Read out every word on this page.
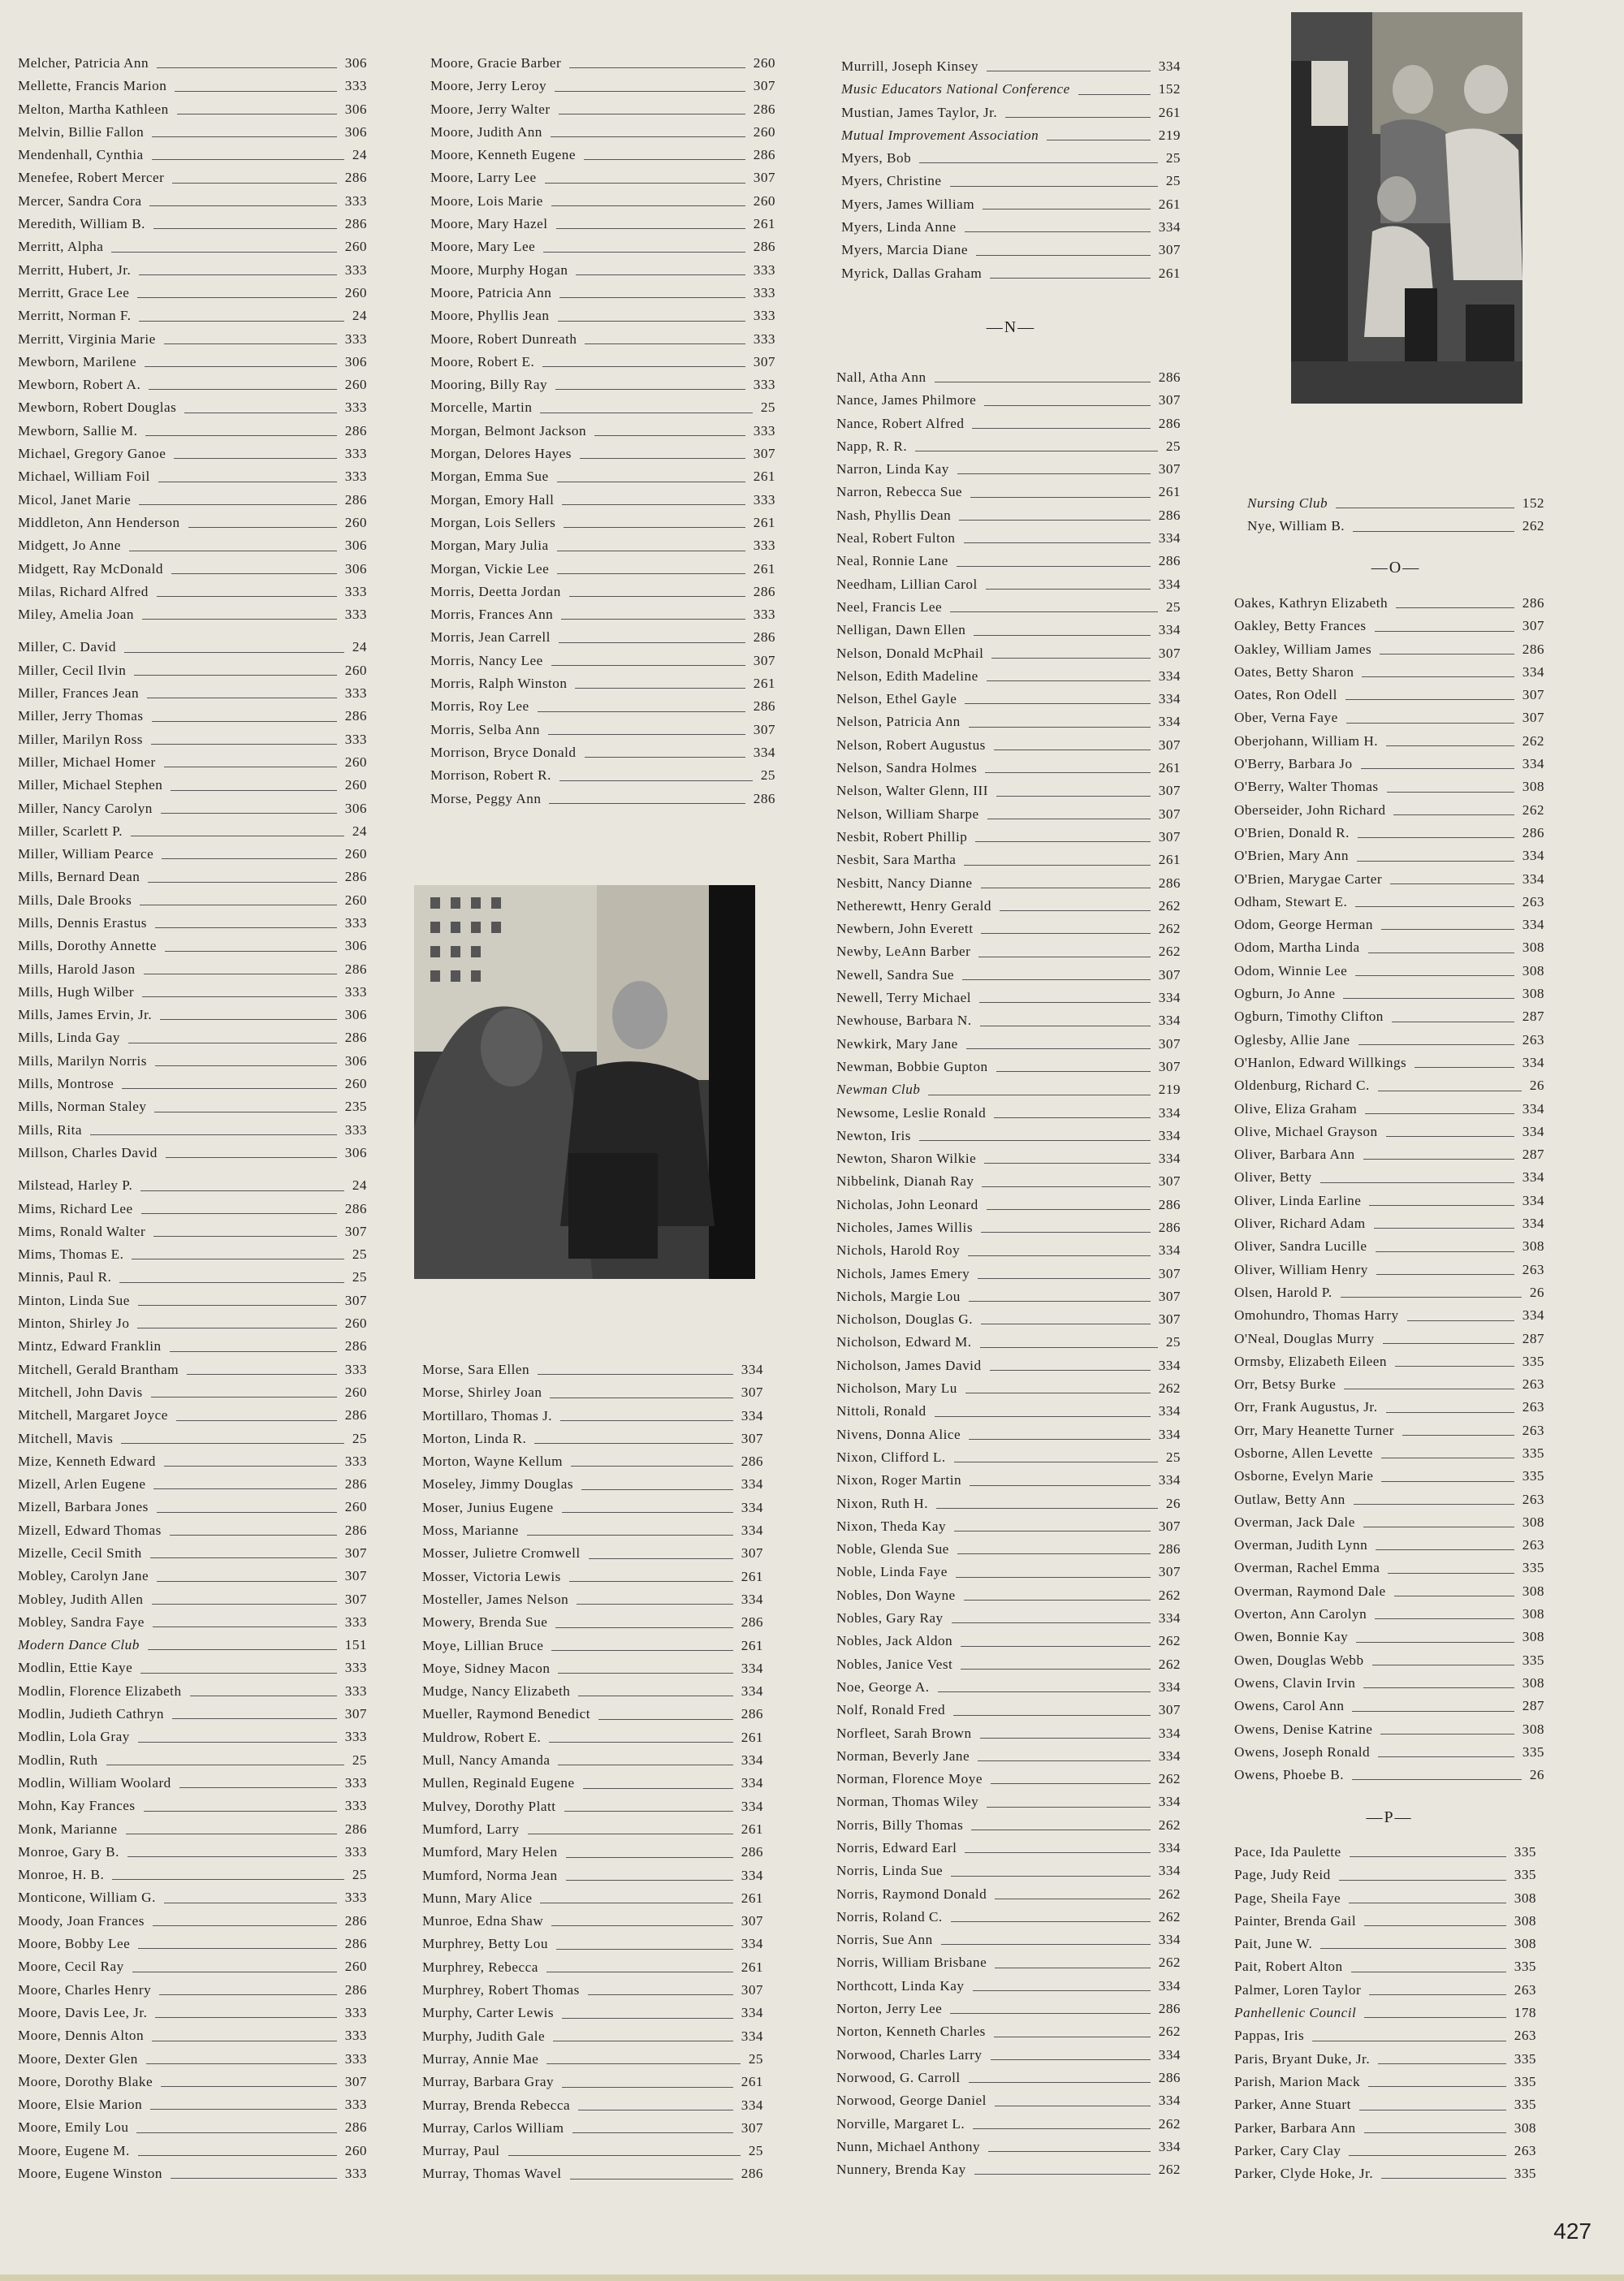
Melcher, Patricia Ann	306
Mellette, Francis Marion	333
Melton, Martha Kathleen	306
Melvin, Billie Fallon	306
Mendenhall, Cynthia	24
Menefee, Robert Mercer	286
Mercer, Sandra Cora	333
Meredith, William B.	286
Merritt, Alpha	260
Merritt, Hubert, Jr.	333
Merritt, Grace Lee	260
Merritt, Norman F.	24
Merritt, Virginia Marie	333
Mewborn, Marilene	306
Mewborn, Robert A.	260
Mewborn, Robert Douglas	333
Mewborn, Sallie M.	286
Michael, Gregory Ganoe	333
Michael, William Foil	333
Micol, Janet Marie	286
Middleton, Ann Henderson	260
Midgett, Jo Anne	306
Midgett, Ray McDonald	306
Milas, Richard Alfred	333
Miley, Amelia Joan	333
Miller, C. David	24
Miller, Cecil Ilvin	260
Miller, Frances Jean	333
Miller, Jerry Thomas	286
Miller, Marilyn Ross	333
Miller, Michael Homer	260
Miller, Michael Stephen	260
Miller, Nancy Carolyn	306
Miller, Scarlett P.	24
Miller, William Pearce	260
Mills, Bernard Dean	286
Mills, Dale Brooks	260
Mills, Dennis Erastus	333
Mills, Dorothy Annette	306
Mills, Harold Jason	286
Mills, Hugh Wilber	333
Mills, James Ervin, Jr.	306
Mills, Linda Gay	286
Mills, Marilyn Norris	306
Mills, Montrose	260
Mills, Norman Staley	235
Mills, Rita	333
Millson, Charles David	306
Milstead, Harley P.	24
Mims, Richard Lee	286
Mims, Ronald Walter	307
Mims, Thomas E.	25
Minnis, Paul R.	25
Minton, Linda Sue	307
Minton, Shirley Jo	260
Mintz, Edward Franklin	286
Mitchell, Gerald Brantham	333
Mitchell, John Davis	260
Mitchell, Margaret Joyce	286
Mitchell, Mavis	25
Mize, Kenneth Edward	333
Mizell, Arlen Eugene	286
Mizell, Barbara Jones	260
Mizell, Edward Thomas	286
Mizelle, Cecil Smith	307
Mobley, Carolyn Jane	307
Mobley, Judith Allen	307
Mobley, Sandra Faye	333
Modern Dance Club	151
Modlin, Ettie Kaye	333
Modlin, Florence Elizabeth	333
Modlin, Judieth Cathryn	307
Modlin, Lola Gray	333
Modlin, Ruth	25
Modlin, William Woolard	333
Mohn, Kay Frances	333
Monk, Marianne	286
Monroe, Gary B.	333
Monroe, H. B.	25
Monticone, William G.	333
Moody, Joan Frances	286
Moore, Bobby Lee	286
Moore, Cecil Ray	260
Moore, Charles Henry	286
Moore, Davis Lee, Jr.	333
Moore, Dennis Alton	333
Moore, Dexter Glen	333
Moore, Dorothy Blake	307
Moore, Elsie Marion	333
Moore, Emily Lou	286
Moore, Eugene M.	260
Moore, Eugene Winston	333
Moore, Gracie Barber	260
Moore, Jerry Leroy	307
Moore, Jerry Walter	286
Moore, Judith Ann	260
Moore, Kenneth Eugene	286
Moore, Larry Lee	307
Moore, Lois Marie	260
Moore, Mary Hazel	261
Moore, Mary Lee	286
Moore, Murphy Hogan	333
Moore, Patricia Ann	333
Moore, Phyllis Jean	333
Moore, Robert Dunreath	333
Moore, Robert E.	307
Mooring, Billy Ray	333
Morcelle, Martin	25
Morgan, Belmont Jackson	333
Morgan, Delores Hayes	307
Morgan, Emma Sue	261
Morgan, Emory Hall	333
Morgan, Lois Sellers	261
Morgan, Mary Julia	333
Morgan, Vickie Lee	261
Morris, Deetta Jordan	286
Morris, Frances Ann	333
Morris, Jean Carrell	286
Morris, Nancy Lee	307
Morris, Ralph Winston	261
Morris, Roy Lee	286
Morris, Selba Ann	307
Morrison, Bryce Donald	334
Morrison, Robert R.	25
Morse, Peggy Ann	286
Morse, Sara Ellen	334
Morse, Shirley Joan	307
Mortillaro, Thomas J.	334
Morton, Linda R.	307
Morton, Wayne Kellum	286
Moseley, Jimmy Douglas	334
Moser, Junius Eugene	334
Moss, Marianne	334
Mosser, Julietre Cromwell	307
Mosser, Victoria Lewis	261
Mosteller, James Nelson	334
Mowery, Brenda Sue	286
Moye, Lillian Bruce	261
Moye, Sidney Macon	334
Mudge, Nancy Elizabeth	334
Mueller, Raymond Benedict	286
Muldrow, Robert E.	261
Mull, Nancy Amanda	334
Mullen, Reginald Eugene	334
Mulvey, Dorothy Platt	334
Mumford, Larry	261
Mumford, Mary Helen	286
Mumford, Norma Jean	334
Munn, Mary Alice	261
Munroe, Edna Shaw	307
Murphrey, Betty Lou	334
Murphrey, Rebecca	261
Murphrey, Robert Thomas	307
Murphy, Carter Lewis	334
Murphy, Judith Gale	334
Murray, Annie Mae	25
Murray, Barbara Gray	261
Murray, Brenda Rebecca	334
Murray, Carlos William	307
Murray, Paul	25
Murray, Thomas Wavel	286
Murrill, Joseph Kinsey	334
Music Educators National Conference	152
Mustian, James Taylor, Jr.	261
Mutual Improvement Association	219
Myers, Bob	25
Myers, Christine	25
Myers, James William	261
Myers, Linda Anne	334
Myers, Marcia Diane	307
Myrick, Dallas Graham	261
—N—
Nall, Atha Ann	286
Nance, James Philmore	307
Nance, Robert Alfred	286
Napp, R. R.	25
Narron, Linda Kay	307
Narron, Rebecca Sue	261
Nash, Phyllis Dean	286
Neal, Robert Fulton	334
Neal, Ronnie Lane	286
Needham, Lillian Carol	334
Neel, Francis Lee	25
Nelligan, Dawn Ellen	334
Nelson, Donald McPhail	307
Nelson, Edith Madeline	334
Nelson, Ethel Gayle	334
Nelson, Patricia Ann	334
Nelson, Robert Augustus	307
Nelson, Sandra Holmes	261
Nelson, Walter Glenn, III	307
Nelson, William Sharpe	307
Nesbit, Robert Phillip	307
Nesbit, Sara Martha	261
Nesbitt, Nancy Dianne	286
Netherewtt, Henry Gerald	262
Newbern, John Everett	262
Newby, LeAnn Barber	262
Newell, Sandra Sue	307
Newell, Terry Michael	334
Newhouse, Barbara N.	334
Newkirk, Mary Jane	307
Newman, Bobbie Gupton	307
Newman Club	219
Newsome, Leslie Ronald	334
Newton, Iris	334
Newton, Sharon Wilkie	334
Nibbelink, Dianah Ray	307
Nicholas, John Leonard	286
Nicholes, James Willis	286
Nichols, Harold Roy	334
Nichols, James Emery	307
Nichols, Margie Lou	307
Nicholson, Douglas G.	307
Nicholson, Edward M.	25
Nicholson, James David	334
Nicholson, Mary Lu	262
Nittoli, Ronald	334
Nivens, Donna Alice	334
Nixon, Clifford L.	25
Nixon, Roger Martin	334
Nixon, Ruth H.	26
Nixon, Theda Kay	307
Noble, Glenda Sue	286
Noble, Linda Faye	307
Nobles, Don Wayne	262
Nobles, Gary Ray	334
Nobles, Jack Aldon	262
Nobles, Janice Vest	262
Noe, George A.	334
Nolf, Ronald Fred	307
Norfleet, Sarah Brown	334
Norman, Beverly Jane	334
Norman, Florence Moye	262
Norman, Thomas Wiley	334
Norris, Billy Thomas	262
Norris, Edward Earl	334
Norris, Linda Sue	334
Norris, Raymond Donald	262
Norris, Roland C.	262
Norris, Sue Ann	334
Norris, William Brisbane	262
Northcott, Linda Kay	334
Norton, Jerry Lee	286
Norton, Kenneth Charles	262
Norwood, Charles Larry	334
Norwood, G. Carroll	286
Norwood, George Daniel	334
Norville, Margaret L.	262
Nunn, Michael Anthony	334
Nunnery, Brenda Kay	262
Nursing Club	152
Nye, William B.	262
—O—
Oakes, Kathryn Elizabeth	286
Oakley, Betty Frances	307
Oakley, William James	286
Oates, Betty Sharon	334
Oates, Ron Odell	307
Ober, Verna Faye	307
Oberjohann, William H.	262
O'Berry, Barbara Jo	334
O'Berry, Walter Thomas	308
Oberseider, John Richard	262
O'Brien, Donald R.	286
O'Brien, Mary Ann	334
O'Brien, Marygae Carter	334
Odham, Stewart E.	263
Odom, George Herman	334
Odom, Martha Linda	308
Odom, Winnie Lee	308
Ogburn, Jo Anne	308
Ogburn, Timothy Clifton	287
Oglesby, Allie Jane	263
O'Hanlon, Edward Willkings	334
Oldenburg, Richard C.	26
Olive, Eliza Graham	334
Olive, Michael Grayson	334
Oliver, Barbara Ann	287
Oliver, Betty	334
Oliver, Linda Earline	334
Oliver, Richard Adam	334
Oliver, Sandra Lucille	308
Oliver, William Henry	263
Olsen, Harold P.	26
Omohundro, Thomas Harry	334
O'Neal, Douglas Murry	287
Ormsby, Elizabeth Eileen	335
Orr, Betsy Burke	263
Orr, Frank Augustus, Jr.	263
Orr, Mary Heanette Turner	263
Osborne, Allen Levette	335
Osborne, Evelyn Marie	335
Outlaw, Betty Ann	263
Overman, Jack Dale	308
Overman, Judith Lynn	263
Overman, Rachel Emma	335
Overman, Raymond Dale	308
Overton, Ann Carolyn	308
Owen, Bonnie Kay	308
Owen, Douglas Webb	335
Owens, Clavin Irvin	308
Owens, Carol Ann	287
Owens, Denise Katrine	308
Owens, Joseph Ronald	335
Owens, Phoebe B.	26
—P—
Pace, Ida Paulette	335
Page, Judy Reid	335
Page, Sheila Faye	308
Painter, Brenda Gail	308
Pait, June W.	308
Pait, Robert Alton	335
Palmer, Loren Taylor	263
Panhellenic Council	178
Pappas, Iris	263
Paris, Bryant Duke, Jr.	335
Parish, Marion Mack	335
Parker, Anne Stuart	335
Parker, Barbara Ann	308
Parker, Cary Clay	263
Parker, Clyde Hoke, Jr.	335
427
